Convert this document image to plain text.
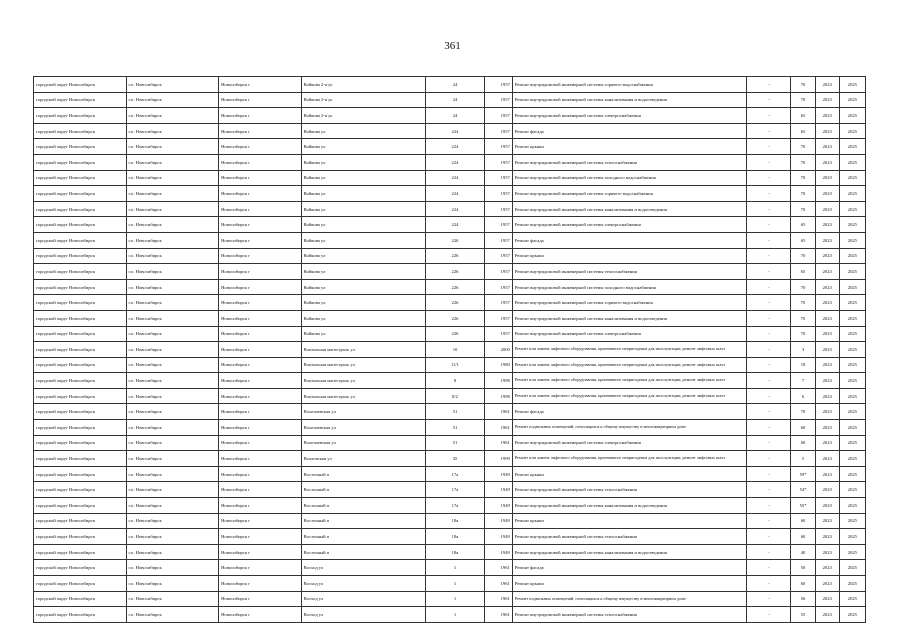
361
городской округ Новосибирск	г.о. Новосибирск	Новосибирск г	Войкова 2-я ул	24	1957	Ремонт внутридомовой инженерной системы горячего водоснабжения	-	70	2023	2025
городской округ Новосибирск	г.о. Новосибирск	Новосибирск г	Войкова 2-я ул	24	1957	Ремонт внутридомовой инженерной системы канализования и водоотведения	-	70	2023	2025
городской округ Новосибирск	г.о. Новосибирск	Новосибирск г	Войкова 2-я ул	24	1957	Ремонт внутридомовой инженерной системы электроснабжения	-	65	2023	2025
городской округ Новосибирск	г.о. Новосибирск	Новосибирск г	Войкова ул	224	1957	Ремонт фасада	-	65	2023	2025
городской округ Новосибирск	г.о. Новосибирск	Новосибирск г	Войкова ул	224	1957	Ремонт крыши	-	70	2023	2025
городской округ Новосибирск	г.о. Новосибирск	Новосибирск г	Войкова ул	224	1957	Ремонт внутридомовой инженерной системы теплоснабжения	-	70	2023	2025
городской округ Новосибирск	г.о. Новосибирск	Новосибирск г	Войкова ул	224	1957	Ремонт внутридомовой инженерной системы холодного водоснабжения	-	70	2023	2025
городской округ Новосибирск	г.о. Новосибирск	Новосибирск г	Войкова ул	224	1957	Ремонт внутридомовой инженерной системы горячего водоснабжения	-	70	2023	2025
городской округ Новосибирск	г.о. Новосибирск	Новосибирск г	Войкова ул	224	1957	Ремонт внутридомовой инженерной системы канализования и водоотведения	-	70	2023	2025
городской округ Новосибирск	г.о. Новосибирск	Новосибирск г	Войкова ул	224	1957	Ремонт внутридомовой инженерной системы электроснабжения	-	65	2023	2025
городской округ Новосибирск	г.о. Новосибирск	Новосибирск г	Войкова ул	226	1957	Ремонт фасада	-	65	2023	2025
городской округ Новосибирск	г.о. Новосибирск	Новосибирск г	Войкова ул	226	1957	Ремонт крыши	-	70	2023	2025
городской округ Новосибирск	г.о. Новосибирск	Новосибирск г	Войкова ул	226	1957	Ремонт внутридомовой инженерной системы теплоснабжения	-	65	2023	2025
городской округ Новосибирск	г.о. Новосибирск	Новосибирск г	Войкова ул	226	1957	Ремонт внутридомовой инженерной системы холодного водоснабжения	-	70	2023	2025
городской округ Новосибирск	г.о. Новосибирск	Новосибирск г	Войкова ул	226	1957	Ремонт внутридомовой инженерной системы горячего водоснабжения	-	70	2023	2025
городской округ Новосибирск	г.о. Новосибирск	Новосибирск г	Войкова ул	226	1957	Ремонт внутридомовой инженерной системы канализования и водоотведения	-	70	2023	2025
городской округ Новосибирск	г.о. Новосибирск	Новосибирск г	Войкова ул	226	1957	Ремонт внутридомовой инженерной системы электроснабжения	-	70	2023	2025
городской округ Новосибирск	г.о. Новосибирск	Новосибирск г	Вокзальная магистраль ул	10	2000	Ремонт или замена лифтового оборудования, признанного непригодным для эксплуатации, ремонт лифтовых шахт	-	3	2023	2025
городской округ Новосибирск	г.о. Новосибирск	Новосибирск г	Вокзальная магистраль ул	11/1	1980	Ремонт или замена лифтового оборудования, признанного непригодным для эксплуатации, ремонт лифтовых шахт	-	18	2023	2025
городской округ Новосибирск	г.о. Новосибирск	Новосибирск г	Вокзальная магистраль ул	8	1998	Ремонт или замена лифтового оборудования, признанного непригодным для эксплуатации, ремонт лифтовых шахт	-	7	2023	2025
городской округ Новосибирск	г.о. Новосибирск	Новосибирск г	Вокзальная магистраль ул	8/2	1998	Ремонт или замена лифтового оборудования, признанного непригодным для эксплуатации, ремонт лифтовых шахт	-	6	2023	2025
городской округ Новосибирск	г.о. Новосибирск	Новосибирск г	Волочаевская ул	51	1961	Ремонт фасада	-	70	2023	2025
городской округ Новосибирск	г.о. Новосибирск	Новосибирск г	Волочаевская ул	51	1961	Ремонт подвальных помещений, относящихся к общему имуществу в многоквартирном доме	-	60	2023	2025
городской округ Новосибирск	г.о. Новосибирск	Новосибирск г	Волочаевская ул	51	1961	Ремонт внутридомовой инженерной системы электроснабжения	-	60	2023	2025
городской округ Новосибирск	г.о. Новосибирск	Новосибирск г	Волховская ул	35	1999	Ремонт или замена лифтового оборудования, признанного непригодным для эксплуатации, ремонт лифтовых шахт	-	5	2023	2025
городской округ Новосибирск	г.о. Новосибирск	Новосибирск г	Восточный п	17а	1949	Ремонт крыши	-	59*	2023	2025
городской округ Новосибирск	г.о. Новосибирск	Новосибирск г	Восточный п	17а	1949	Ремонт внутридомовой инженерной системы теплоснабжения	-	54*	2023	2025
городской округ Новосибирск	г.о. Новосибирск	Новосибирск г	Восточный п	17а	1949	Ремонт внутридомовой инженерной системы канализования и водоотведения	-	55*	2023	2025
городской округ Новосибирск	г.о. Новосибирск	Новосибирск г	Восточный п	18а	1949	Ремонт крыши	-	60	2023	2025
городской округ Новосибирск	г.о. Новосибирск	Новосибирск г	Восточный п	18а	1949	Ремонт внутридомовой инженерной системы теплоснабжения	-	60	2023	2025
городской округ Новосибирск	г.о. Новосибирск	Новосибирск г	Восточный п	18а	1949	Ремонт внутридомовой инженерной системы канализования и водоотведения	-	40	2023	2025
городской округ Новосибирск	г.о. Новосибирск	Новосибирск г	Восход ул	1	1961	Ремонт фасада	-	50	2023	2025
городской округ Новосибирск	г.о. Новосибирск	Новосибирск г	Восход ул	1	1961	Ремонт крыши	-	60	2023	2025
городской округ Новосибирск	г.о. Новосибирск	Новосибирск г	Восход ул	1	1961	Ремонт подвальных помещений, относящихся к общему имуществу в многоквартирном доме	-	56	2023	2025
городской округ Новосибирск	г.о. Новосибирск	Новосибирск г	Восход ул	1	1961	Ремонт внутридомовой инженерной системы теплоснабжения	-	55	2023	2025
